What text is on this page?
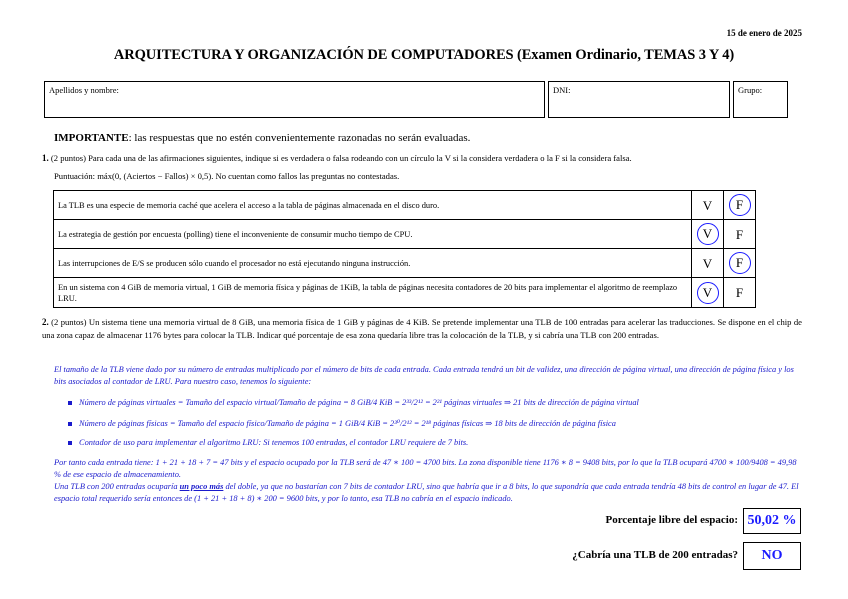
15 de enero de 2025
ARQUITECTURA Y ORGANIZACIÓN DE COMPUTADORES (Examen Ordinario, TEMAS 3 Y 4)
Apellidos y nombre:	DNI:	Grupo:
IMPORTANTE: las respuestas que no estén convenientemente razonadas no serán evaluadas.
1. (2 puntos) Para cada una de las afirmaciones siguientes, indique si es verdadera o falsa rodeando con un círculo la V si la considera verdadera o la F si la considera falsa.
Puntuación: máx(0, (Aciertos − Fallos) × 0,5). No cuentan como fallos las preguntas no contestadas.
La TLB es una especie de memoria caché que acelera el acceso a la tabla de páginas almacenada en el disco duro.	V	F
La estrategia de gestión por encuesta (polling) tiene el inconveniente de consumir mucho tiempo de CPU.	V	F
Las interrupciones de E/S se producen sólo cuando el procesador no está ejecutando ninguna instrucción.	V	F
En un sistema con 4 GiB de memoria virtual, 1 GiB de memoria física y páginas de 1KiB, la tabla de páginas necesita contadores de 20 bits para implementar el algoritmo de reemplazo LRU.	V	F
2. (2 puntos) Un sistema tiene una memoria virtual de 8 GiB, una memoria física de 1 GiB y páginas de 4 KiB. Se pretende implementar una TLB de 100 entradas para acelerar las traducciones. Se dispone en el chip de una zona capaz de almacenar 1176 bytes para colocar la TLB. Indicar qué porcentaje de esa zona quedaría libre tras la colocación de la TLB, y si cabría una TLB con 200 entradas.
El tamaño de la TLB viene dado por su número de entradas multiplicado por el número de bits de cada entrada. Cada entrada tendrá un bit de validez, una dirección de página virtual, una dirección de página física y los bits asociados al contador de LRU. Para nuestro caso, tenemos lo siguiente:
Número de páginas virtuales = Tamaño del espacio virtual/Tamaño de página = 8 GiB/4 KiB = 2³³/2¹² = 2²¹ páginas virtuales ⇒ 21 bits de dirección de página virtual
Número de páginas físicas = Tamaño del espacio físico/Tamaño de página = 1 GiB/4 KiB = 2³⁰/2¹² = 2¹⁸ páginas físicas ⇒ 18 bits de dirección de página física
Contador de uso para implementar el algoritmo LRU: Si tenemos 100 entradas, el contador LRU requiere de 7 bits.
Por tanto cada entrada tiene: 1 + 21 + 18 + 7 = 47 bits y el espacio ocupado por la TLB será de 47 ∗ 100 = 4700 bits. La zona disponible tiene 1176 ∗ 8 = 9408 bits, por lo que la TLB ocupará 4700 ∗ 100/9408 = 49,98 % de ese espacio de almacenamiento.
Una TLB con 200 entradas ocuparía un poco más del doble, ya que no bastarían con 7 bits de contador LRU, sino que habría que ir a 8 bits, lo que supondría que cada entrada tendría 48 bits de control en lugar de 47. El espacio total requerido sería entonces de (1 + 21 + 18 + 8) ∗ 200 = 9600 bits, y por lo tanto, esa TLB no cabría en el espacio indicado.
Porcentaje libre del espacio: 50,02 %
¿Cabría una TLB de 200 entradas?	NO
